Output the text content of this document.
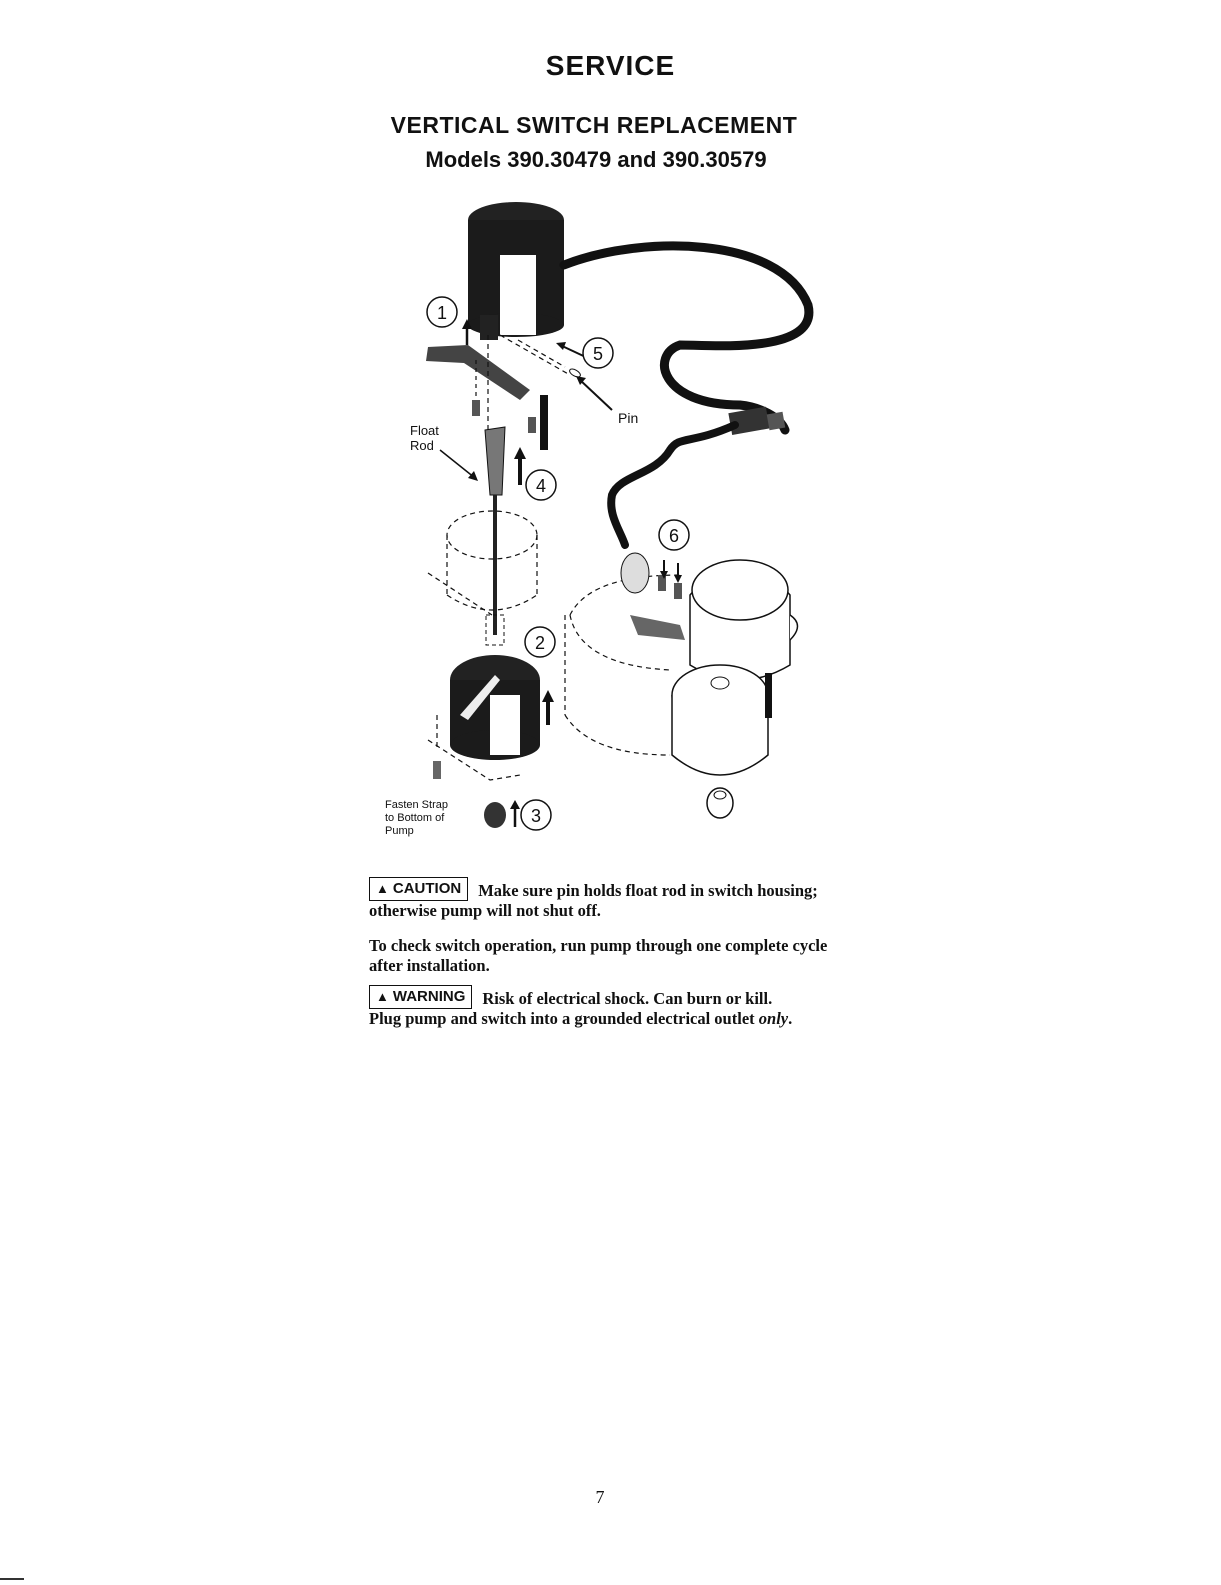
SERVICE
VERTICAL SWITCH REPLACEMENT
Models 390.30479 and 390.30579
1
5
Pin
Float
Rod
4
2
Fasten Strap
to Bottom of
Pump
3
6
▲ CAUTION Make sure pin holds float rod in switch housing; otherwise pump will not shut off.
To check switch operation, run pump through one complete cycle after installation.
▲ WARNING Risk of electrical shock. Can burn or kill.
Plug pump and switch into a grounded electrical outlet only.
7
